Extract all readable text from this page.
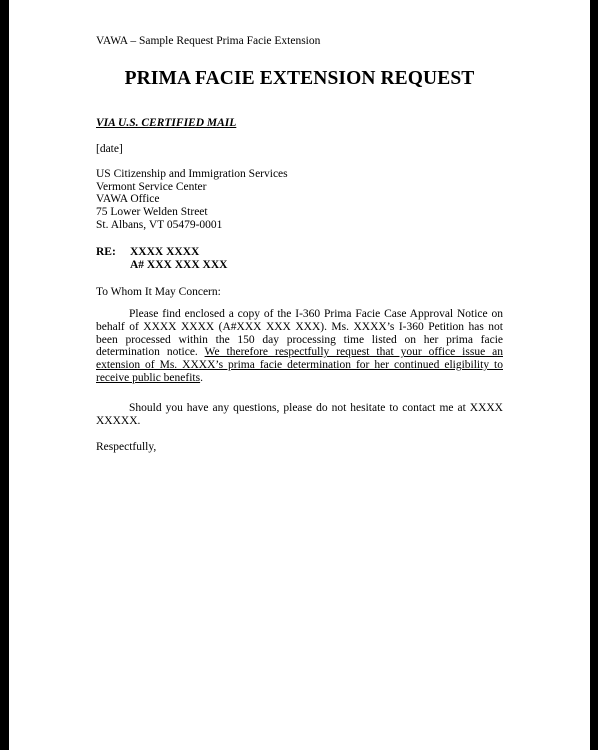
VAWA – Sample Request Prima Facie Extension
PRIMA FACIE EXTENSION REQUEST
VIA U.S. CERTIFIED MAIL
[date]
US Citizenship and Immigration Services
Vermont Service Center
VAWA Office
75 Lower Welden Street
St. Albans, VT 05479-0001
RE: XXXX XXXX
A# XXX XXX XXX
To Whom It May Concern:

Please find enclosed a copy of the I-360 Prima Facie Case Approval Notice on behalf of XXXX XXXX (A#XXX XXX XXX). Ms. XXXX’s I-360 Petition has not been processed within the 150 day processing time listed on her prima facie determination notice. We therefore respectfully request that your office issue an extension of Ms. XXXX’s prima facie determination for her continued eligibility to receive public benefits.

Should you have any questions, please do not hesitate to contact me at XXXX XXXXX.

Respectfully,
